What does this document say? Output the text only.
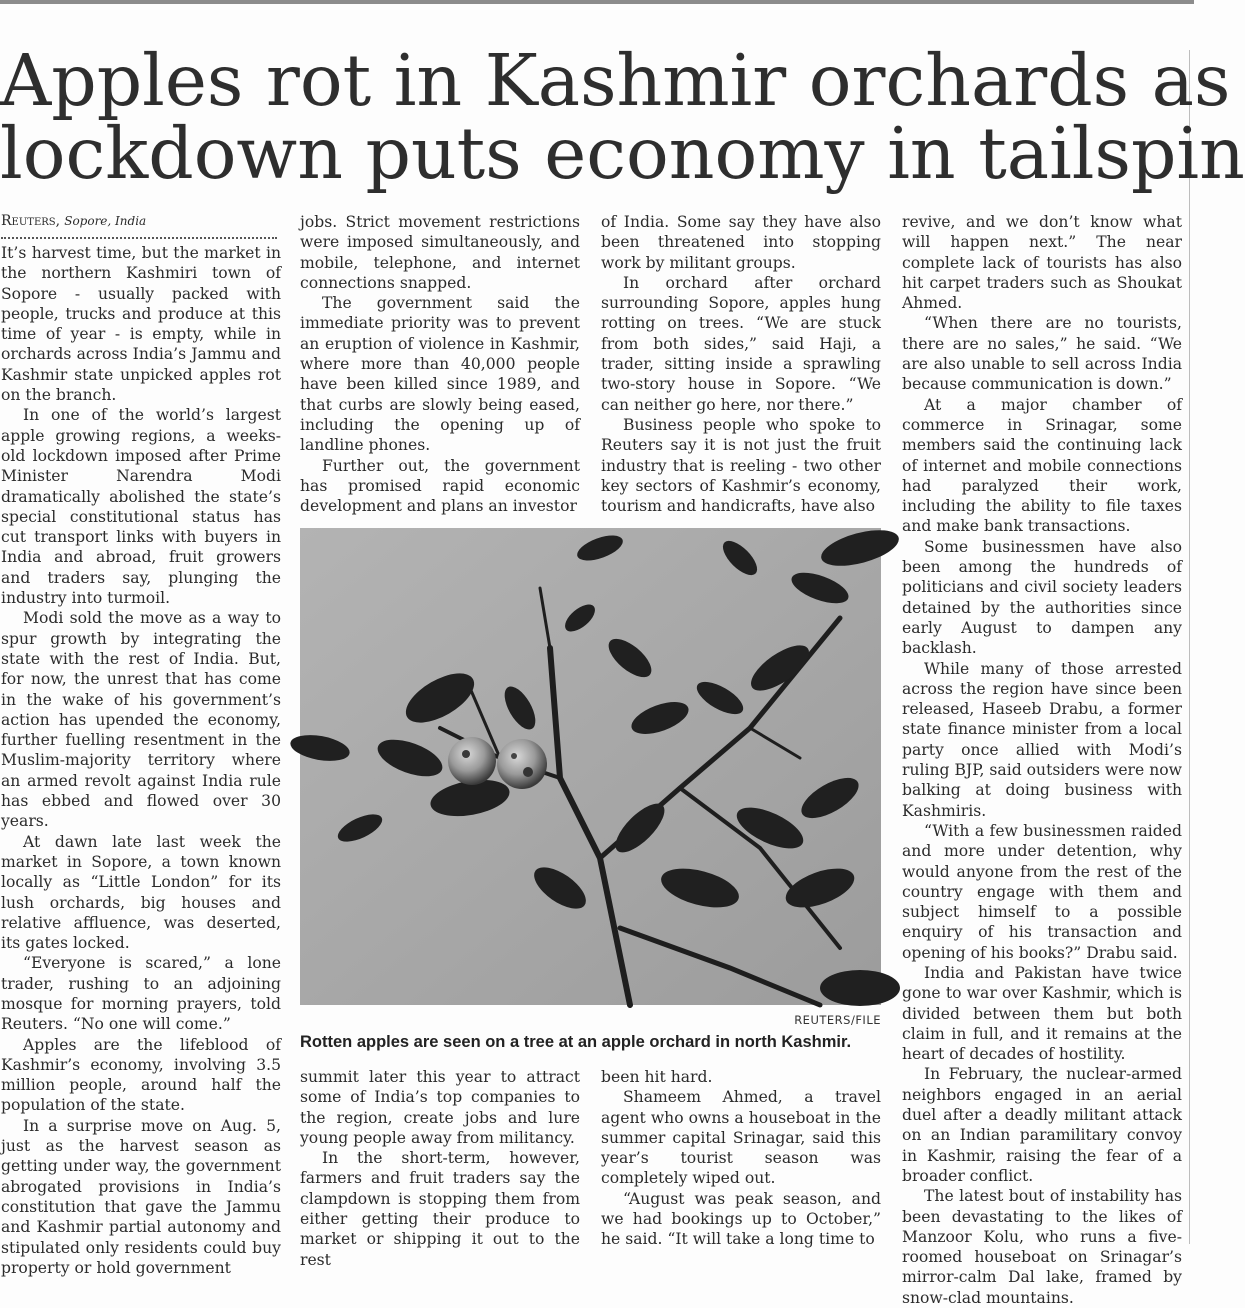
Apples rot in Kashmir orchards as
lockdown puts economy in tailspin

Reuters, Sopore, India

It’s harvest time, but the market in the northern Kashmiri town of Sopore - usually packed with people, trucks and produce at this time of year - is empty, while in orchards across India’s Jammu and Kashmir state unpicked apples rot on the branch.

In one of the world’s largest apple growing regions, a weeks-old lockdown imposed after Prime Minister Narendra Modi dramatically abolished the state’s special constitutional status has cut transport links with buyers in India and abroad, fruit growers and traders say, plunging the industry into turmoil.

Modi sold the move as a way to spur growth by integrating the state with the rest of India. But, for now, the unrest that has come in the wake of his government’s action has upended the economy, further fuelling resentment in the Muslim-majority territory where an armed revolt against India rule has ebbed and flowed over 30 years.

At dawn late last week the market in Sopore, a town known locally as “Little London” for its lush orchards, big houses and relative affluence, was deserted, its gates locked.

“Everyone is scared,” a lone trader, rushing to an adjoining mosque for morning prayers, told Reuters. “No one will come.”

Apples are the lifeblood of Kashmir’s economy, involving 3.5 million people, around half the population of the state.

In a surprise move on Aug. 5, just as the harvest season as getting under way, the government abrogated provisions in India’s constitution that gave the Jammu and Kashmir partial autonomy and stipulated only residents could buy property or hold government

jobs. Strict movement restrictions were imposed simultaneously, and mobile, telephone, and internet connections snapped.

The government said the immediate priority was to prevent an eruption of violence in Kashmir, where more than 40,000 people have been killed since 1989, and that curbs are slowly being eased, including the opening up of landline phones.

Further out, the government has promised rapid economic development and plans an investor

of India. Some say they have also been threatened into stopping work by militant groups.

In orchard after orchard surrounding Sopore, apples hung rotting on trees. “We are stuck from both sides,” said Haji, a trader, sitting inside a sprawling two-story house in Sopore. “We can neither go here, nor there.”

Business people who spoke to Reuters say it is not just the fruit industry that is reeling - two other key sectors of Kashmir’s economy, tourism and handicrafts, have also

REUTERS/FILE
Rotten apples are seen on a tree at an apple orchard in north Kashmir.

summit later this year to attract some of India’s top companies to the region, create jobs and lure young people away from militancy.

In the short-term, however, farmers and fruit traders say the clampdown is stopping them from either getting their produce to market or shipping it out to the rest

been hit hard.

Shameem Ahmed, a travel agent who owns a houseboat in the summer capital Srinagar, said this year’s tourist season was completely wiped out.

“August was peak season, and we had bookings up to October,” he said. “It will take a long time to

revive, and we don’t know what will happen next.” The near complete lack of tourists has also hit carpet traders such as Shoukat Ahmed.

“When there are no tourists, there are no sales,” he said. “We are also unable to sell across India because communication is down.”

At a major chamber of commerce in Srinagar, some members said the continuing lack of internet and mobile connections had paralyzed their work, including the ability to file taxes and make bank transactions.

Some businessmen have also been among the hundreds of politicians and civil society leaders detained by the authorities since early August to dampen any backlash.

While many of those arrested across the region have since been released, Haseeb Drabu, a former state finance minister from a local party once allied with Modi’s ruling BJP, said outsiders were now balking at doing business with Kashmiris.

“With a few businessmen raided and more under detention, why would anyone from the rest of the country engage with them and subject himself to a possible enquiry of his transaction and opening of his books?” Drabu said.

India and Pakistan have twice gone to war over Kashmir, which is divided between them but both claim in full, and it remains at the heart of decades of hostility.

In February, the nuclear-armed neighbors engaged in an aerial duel after a deadly militant attack on an Indian paramilitary convoy in Kashmir, raising the fear of a broader conflict.

The latest bout of instability has been devastating to the likes of Manzoor Kolu, who runs a five-roomed houseboat on Srinagar’s mirror-calm Dal lake, framed by snow-clad mountains.
